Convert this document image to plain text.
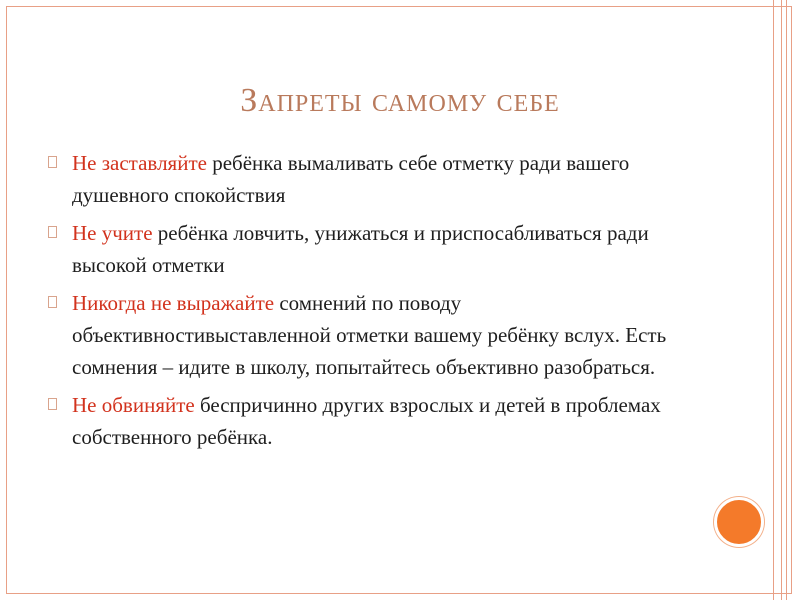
Запреты самому себе
Не заставляйте ребёнка вымаливать себе отметку ради вашего душевного спокойствия
Не учите ребёнка ловчить, унижаться и приспосабливаться ради высокой отметки
Никогда не выражайте сомнений по поводу объективностивыставленной отметки вашему ребёнку вслух. Есть сомнения – идите в школу, попытайтесь объективно разобраться.
Не обвиняйте беспричинно других взрослых и детей в проблемах собственного ребёнка.
